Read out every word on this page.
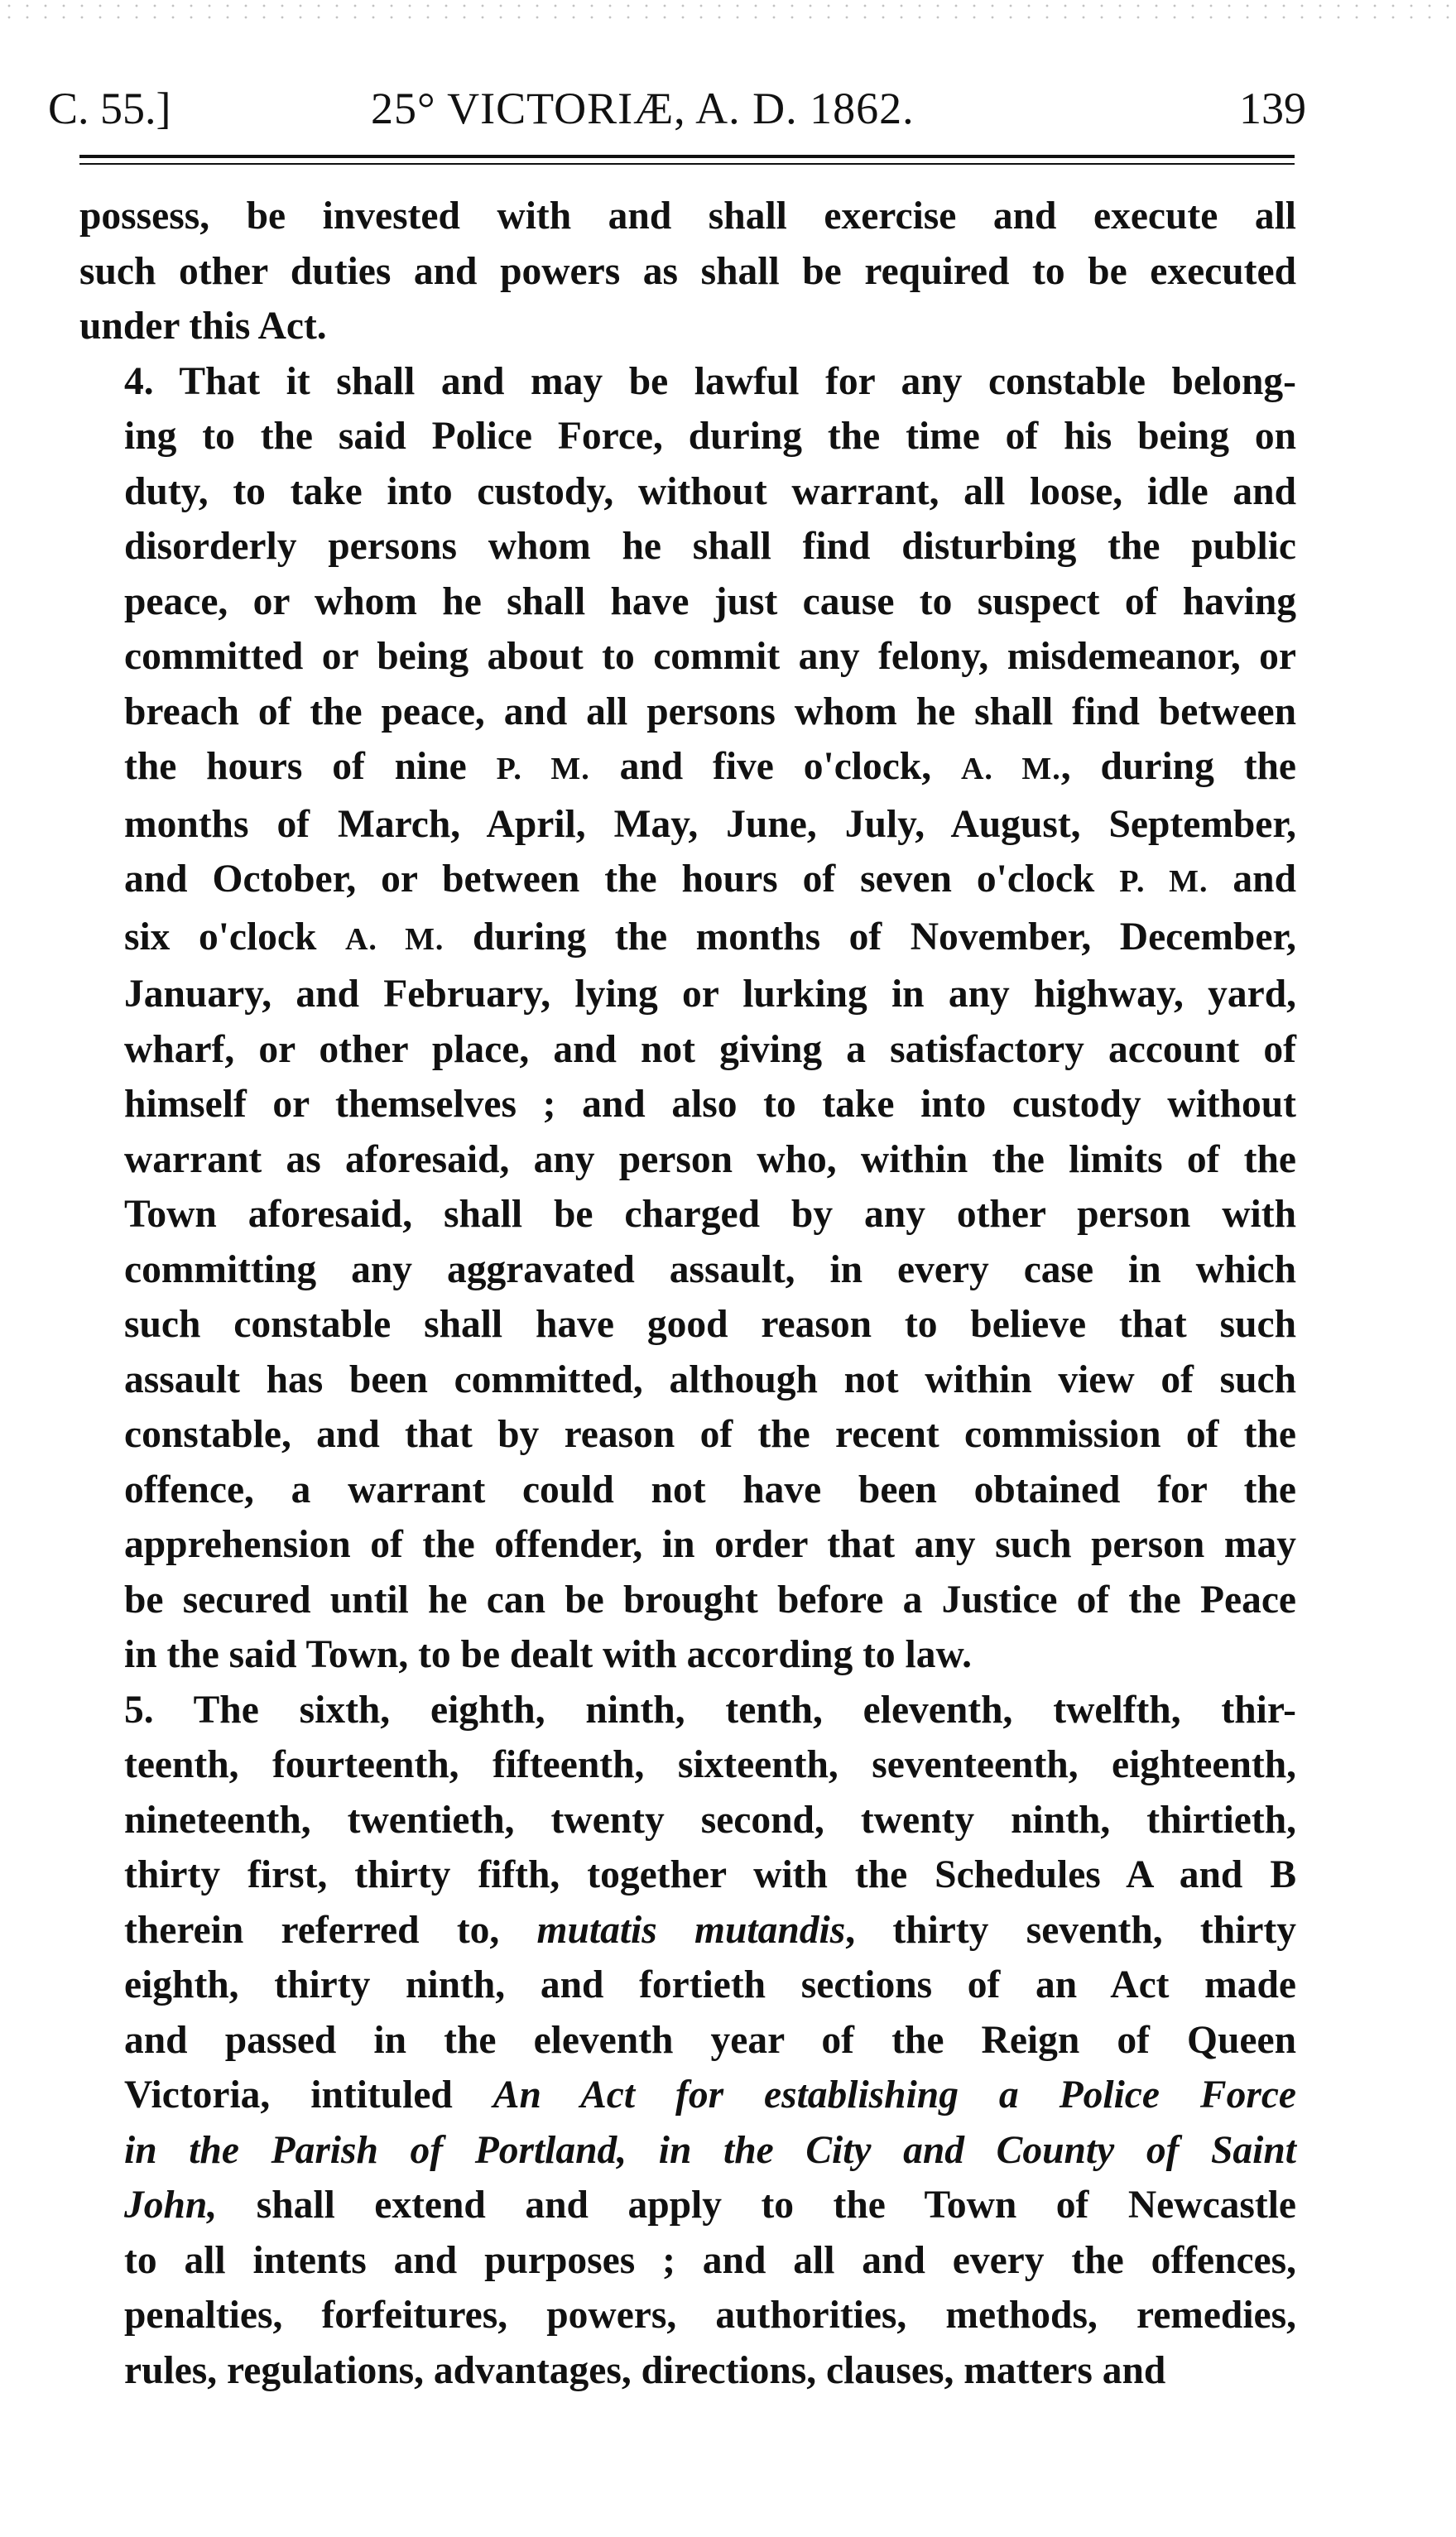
C. 55.]	25° VICTORIÆ, A. D. 1862.	139
possess, be invested with and shall exercise and execute all
such other duties and powers as shall be required to be executed
under this Act.
4. That it shall and may be lawful for any constable belong-
ing to the said Police Force, during the time of his being on
duty, to take into custody, without warrant, all loose, idle and
disorderly persons whom he shall find disturbing the public
peace, or whom he shall have just cause to suspect of having
committed or being about to commit any felony, misdemeanor, or
breach of the peace, and all persons whom he shall find between
the hours of nine P. M. and five o'clock, A. M., during the
months of March, April, May, June, July, August, September,
and October, or between the hours of seven o'clock P. M. and
six o'clock A. M. during the months of November, December,
January, and February, lying or lurking in any highway, yard,
wharf, or other place, and not giving a satisfactory account of
himself or themselves ; and also to take into custody without
warrant as aforesaid, any person who, within the limits of the
Town aforesaid, shall be charged by any other person with
committing any aggravated assault, in every case in which
such constable shall have good reason to believe that such
assault has been committed, although not within view of such
constable, and that by reason of the recent commission of the
offence, a warrant could not have been obtained for the
apprehension of the offender, in order that any such person may
be secured until he can be brought before a Justice of the Peace
in the said Town, to be dealt with according to law.
5. The sixth, eighth, ninth, tenth, eleventh, twelfth, thir-
teenth, fourteenth, fifteenth, sixteenth, seventeenth, eighteenth,
nineteenth, twentieth, twenty second, twenty ninth, thirtieth,
thirty first, thirty fifth, together with the Schedules A and B
therein referred to, mutatis mutandis, thirty seventh, thirty
eighth, thirty ninth, and fortieth sections of an Act made
and passed in the eleventh year of the Reign of Queen
Victoria, intituled An Act for establishing a Police Force
in the Parish of Portland, in the City and County of Saint
John, shall extend and apply to the Town of Newcastle
to all intents and purposes ; and all and every the offences,
penalties, forfeitures, powers, authorities, methods, remedies,
rules, regulations, advantages, directions, clauses, matters and
